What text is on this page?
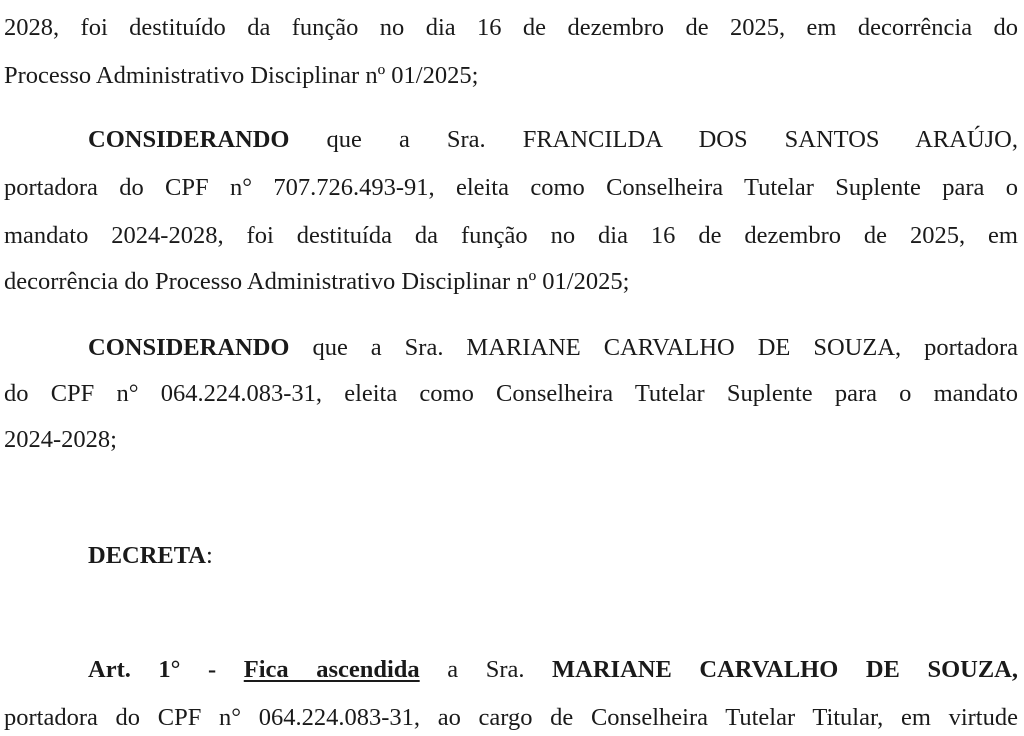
2028, foi destituído da função no dia 16 de dezembro de 2025, em decorrência do
Processo Administrativo Disciplinar nº 01/2025;
CONSIDERANDO que a Sra. FRANCILDA DOS SANTOS ARAÚJO,
portadora do CPF n° 707.726.493-91, eleita como Conselheira Tutelar Suplente para o
mandato 2024-2028, foi destituída da função no dia 16 de dezembro de 2025, em
decorrência do Processo Administrativo Disciplinar nº 01/2025;
CONSIDERANDO que a Sra. MARIANE CARVALHO DE SOUZA, portadora
do CPF n° 064.224.083-31, eleita como Conselheira Tutelar Suplente para o mandato
2024-2028;
DECRETA:
Art. 1° - Fica ascendida a Sra. MARIANE CARVALHO DE SOUZA,
portadora do CPF n° 064.224.083-31, ao cargo de Conselheira Tutelar Titular, em virtude
